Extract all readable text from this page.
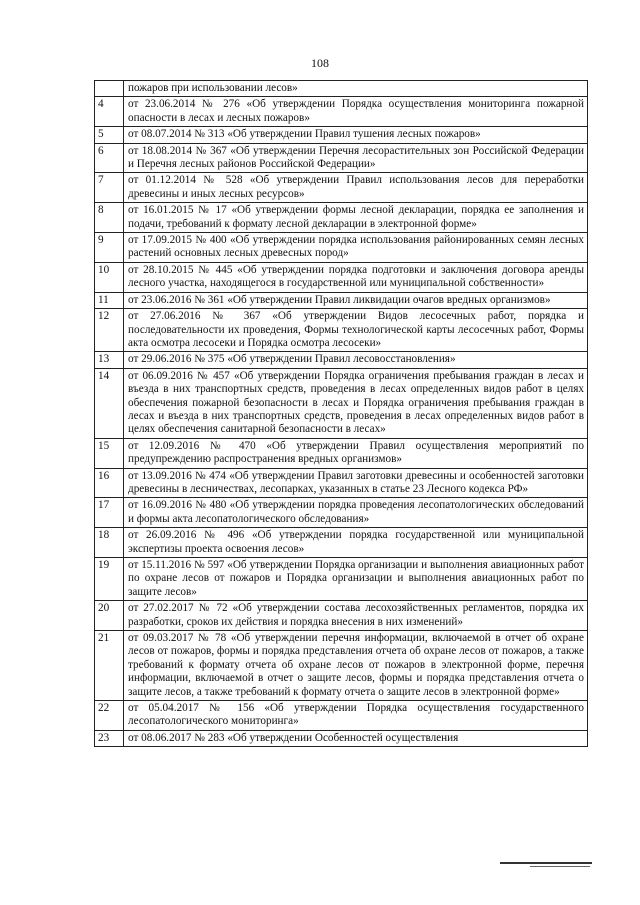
108
	пожаров при использовании лесов»
4	от 23.06.2014 № 276 «Об утверждении Порядка осуществления мониторинга пожарной опасности в лесах и лесных пожаров»
5	от 08.07.2014 № 313 «Об утверждении Правил тушения лесных пожаров»
6	от 18.08.2014 № 367 «Об утверждении Перечня лесорастительных зон Российской Федерации и Перечня лесных районов Российской Федерации»
7	от 01.12.2014 № 528 «Об утверждении Правил использования лесов для переработки древесины и иных лесных ресурсов»
8	от 16.01.2015 № 17 «Об утверждении формы лесной декларации, порядка ее заполнения и подачи, требований к формату лесной декларации в электронной форме»
9	от 17.09.2015 № 400 «Об утверждении порядка использования районированных семян лесных растений основных лесных древесных пород»
10	от 28.10.2015 № 445 «Об утверждении порядка подготовки и заключения договора аренды лесного участка, находящегося в государственной или муниципальной собственности»
11	от 23.06.2016 № 361 «Об утверждении Правил ликвидации очагов вредных организмов»
12	от 27.06.2016 № 367 «Об утверждении Видов лесосечных работ, порядка и последовательности их проведения, Формы технологической карты лесосечных работ, Формы акта осмотра лесосеки и Порядка осмотра лесосеки»
13	от 29.06.2016 № 375 «Об утверждении Правил лесовосстановления»
14	от 06.09.2016 № 457 «Об утверждении Порядка ограничения пребывания граждан в лесах и въезда в них транспортных средств, проведения в лесах определенных видов работ в целях обеспечения пожарной безопасности в лесах и Порядка ограничения пребывания граждан в лесах и въезда в них транспортных средств, проведения в лесах определенных видов работ в целях обеспечения санитарной безопасности в лесах»
15	от 12.09.2016 № 470 «Об утверждении Правил осуществления мероприятий по предупреждению распространения вредных организмов»
16	от 13.09.2016 № 474 «Об утверждении Правил заготовки древесины и особенностей заготовки древесины в лесничествах, лесопарках, указанных в статье 23 Лесного кодекса РФ»
17	от 16.09.2016 № 480 «Об утверждении порядка проведения лесопатологических обследований и формы акта лесопатологического обследования»
18	от 26.09.2016 № 496 «Об утверждении порядка государственной или муниципальной экспертизы проекта освоения лесов»
19	от 15.11.2016 № 597 «Об утверждении Порядка организации и выполнения авиационных работ по охране лесов от пожаров и Порядка организации и выполнения авиационных работ по защите лесов»
20	от 27.02.2017 № 72 «Об утверждении состава лесохозяйственных регламентов, порядка их разработки, сроков их действия и порядка внесения в них изменений»
21	от 09.03.2017 № 78 «Об утверждении перечня информации, включаемой в отчет об охране лесов от пожаров, формы и порядка представления отчета об охране лесов от пожаров, а также требований к формату отчета об охране лесов от пожаров в электронной форме, перечня информации, включаемой в отчет о защите лесов, формы и порядка представления отчета о защите лесов, а также требований к формату отчета о защите лесов в электронной форме»
22	от 05.04.2017 № 156 «Об утверждении Порядка осуществления государственного лесопатологического мониторинга»
23	от 08.06.2017 № 283 «Об утверждении Особенностей осуществления
